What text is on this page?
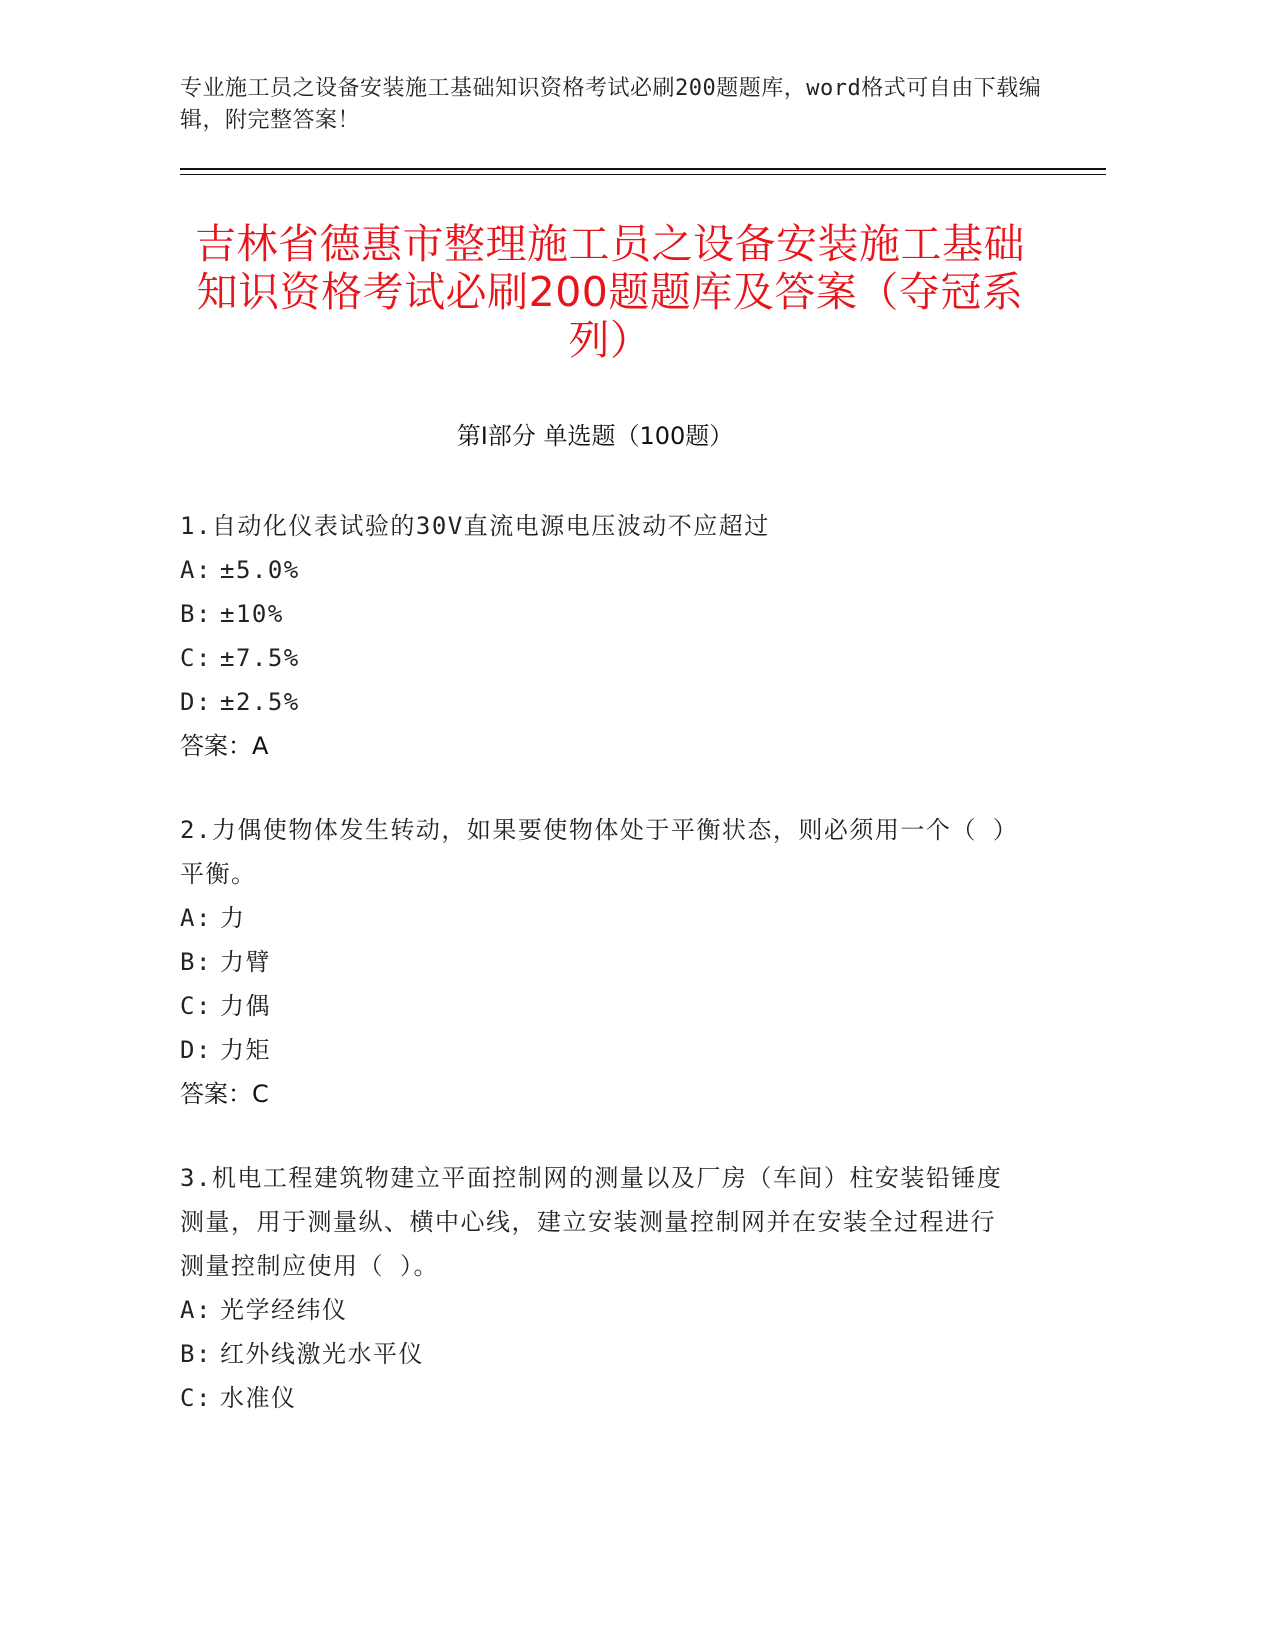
专业施工员之设备安装施工基础知识资格考试必刷200题题库，word格式可自由下载编辑，附完整答案！
吉林省德惠市整理施工员之设备安装施工基础知识资格考试必刷200题题库及答案（夺冠系列）
第I部分 单选题（100题）
1.自动化仪表试验的30V直流电源电压波动不应超过
A: ±5.0%
B: ±10%
C: ±7.5%
D: ±2.5%
答案：A
2.力偶使物体发生转动，如果要使物体处于平衡状态，则必须用一个（ ）平衡。
A: 力
B: 力臂
C: 力偶
D: 力矩
答案：C
3.机电工程建筑物建立平面控制网的测量以及厂房（车间）柱安装铅锤度测量，用于测量纵、横中心线，建立安装测量控制网并在安装全过程进行测量控制应使用（ ）。
A: 光学经纬仪
B: 红外线激光水平仪
C: 水准仪
